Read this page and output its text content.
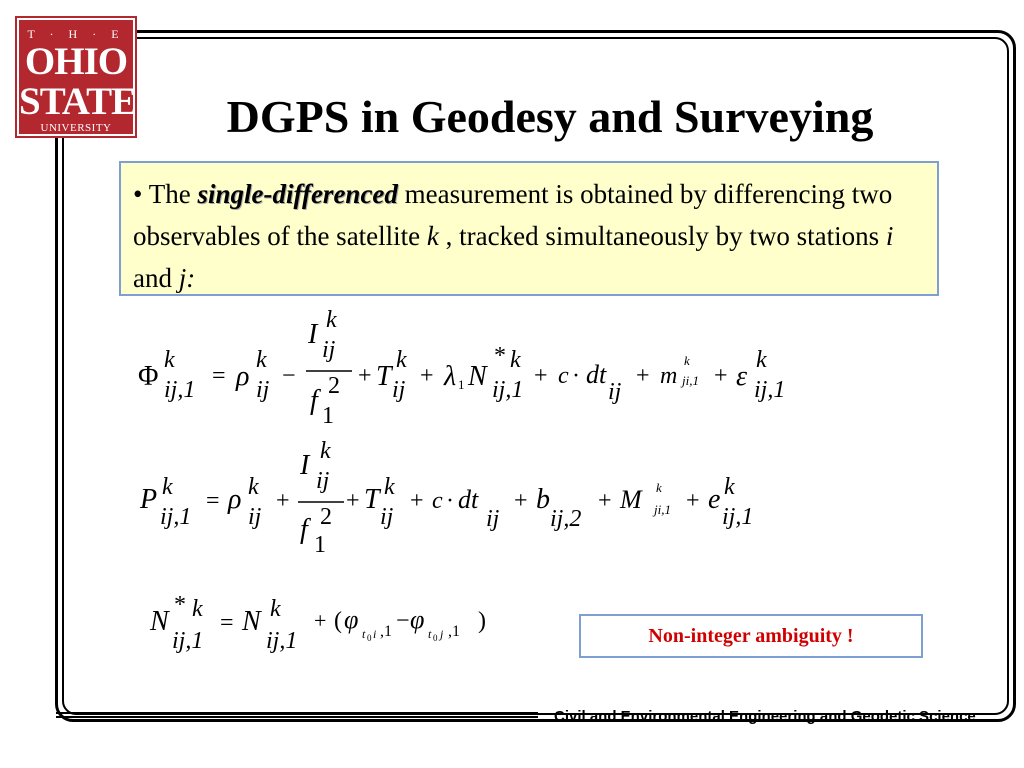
T · H · E
OHIO
STATE
UNIVERSITY	DGPS in Geodesy and Surveying
• The single-differenced measurement is obtained by differencing two observables of the satellite k , tracked simultaneously by two stations i and j:
Φ
k
ij,1
= ρ
k
ij
−
I k
ij
f 2
1
+ T
k
ij
+ λ 1 N
* k
ij,1
+ c · dt
ij
+ m
k
ji,1 + ε
k
ij,1
P k
ij,1
= ρ k
ij
+
I k
ij
f 2
1
+ T k
ij
+ c · dt
ij
+ b
ij,2
+ M k
ji,1 + e k
ij,1
N
* k
ij,1
= N k
ij,1
+ ( φ t 0 i ,1 − φ t 0 j ,1 )
Non-integer ambiguity !
Civil and Environmental Engineering and Geodetic Science
